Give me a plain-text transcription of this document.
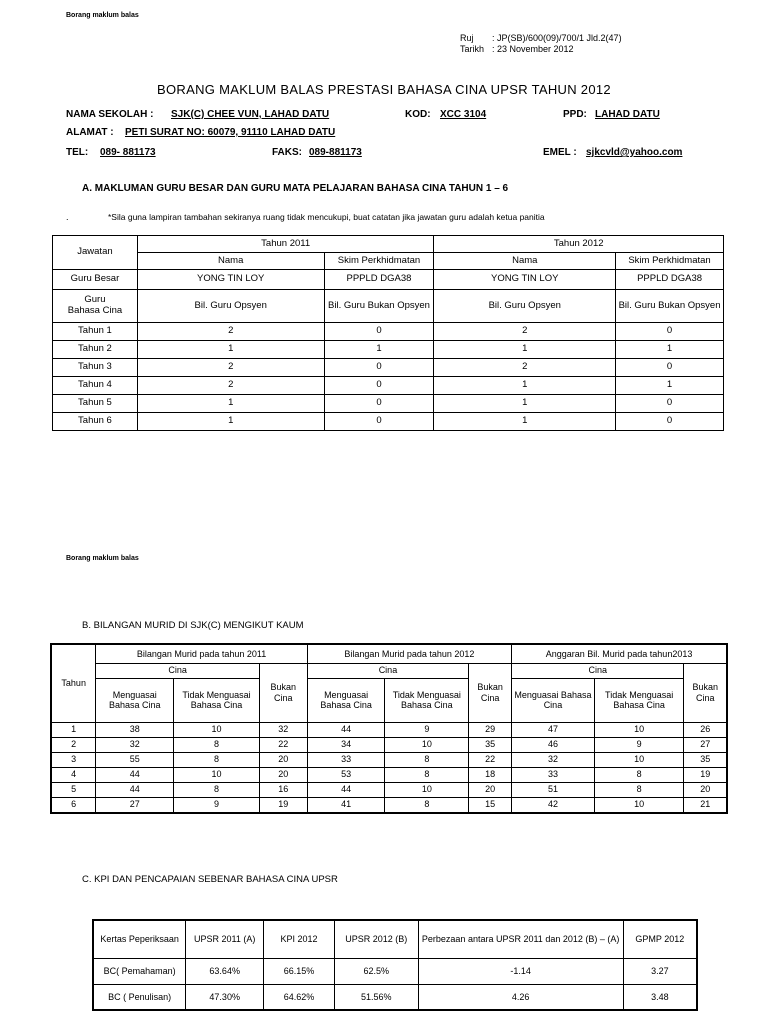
Borang maklum balas
Ruj : JP(SB)/600(09)/700/1 Jld.2(47)
Tarikh : 23 November 2012
BORANG MAKLUM BALAS PRESTASI BAHASA CINA UPSR TAHUN 2012
NAMA SEKOLAH : SJK(C) CHEE VUN, LAHAD DATU	KOD: XCC 3104	PPD: LAHAD DATU
ALAMAT : PETI SURAT NO: 60079, 91110 LAHAD DATU
TEL: 089- 881173	FAKS: 089-881173	EMEL : sjkcvld@yahoo.com
A. MAKLUMAN GURU BESAR DAN GURU MATA PELAJARAN BAHASA CINA TAHUN 1 – 6
.	*Sila guna lampiran tambahan sekiranya ruang tidak mencukupi, buat catatan jika jawatan guru adalah ketua panitia
Jawatan	Tahun 2011		Tahun 2012	
	Nama	Skim Perkhidmatan	Nama	Skim Perkhidmatan
Guru Besar	YONG TIN LOY	PPPLD DGA38	YONG TIN LOY	PPPLD DGA38
Guru
Bahasa Cina	Bil. Guru Opsyen	Bil. Guru Bukan Opsyen	Bil. Guru Opsyen	Bil. Guru Bukan Opsyen
Tahun 1	2	0	2	0
Tahun 2	1	1	1	1
Tahun 3	2	0	2	0
Tahun 4	2	0	1	1
Tahun 5	1	0	1	0
Tahun 6	1	0	1	0
Borang maklum balas
B. BILANGAN MURID DI SJK(C) MENGIKUT KAUM
Tahun	Bilangan Murid pada tahun 2011			Bilangan Murid pada tahun 2012			Anggaran Bil. Murid pada tahun2013		
	Cina		Bukan Cina	Cina		Bukan Cina	Cina		Bukan Cina
	Menguasai Bahasa Cina	Tidak Menguasai Bahasa Cina		Menguasai Bahasa Cina	Tidak Menguasai Bahasa Cina		Menguasai Bahasa Cina	Tidak Menguasai Bahasa Cina	
1	38	10	32	44	9	29	47	10	26
2	32	8	22	34	10	35	46	9	27
3	55	8	20	33	8	22	32	10	35
4	44	10	20	53	8	18	33	8	19
5	44	8	16	44	10	20	51	8	20
6	27	9	19	41	8	15	42	10	21
C. KPI DAN PENCAPAIAN SEBENAR BAHASA CINA UPSR
Kertas Peperiksaan	UPSR 2011 (A)	KPI 2012	UPSR 2012 (B)	Perbezaan antara UPSR 2011 dan 2012 (B) – (A)	GPMP 2012
BC( Pemahaman)	63.64%	66.15%	62.5%	-1.14	3.27
BC ( Penulisan)	47.30%	64.62%	51.56%	4.26	3.48
